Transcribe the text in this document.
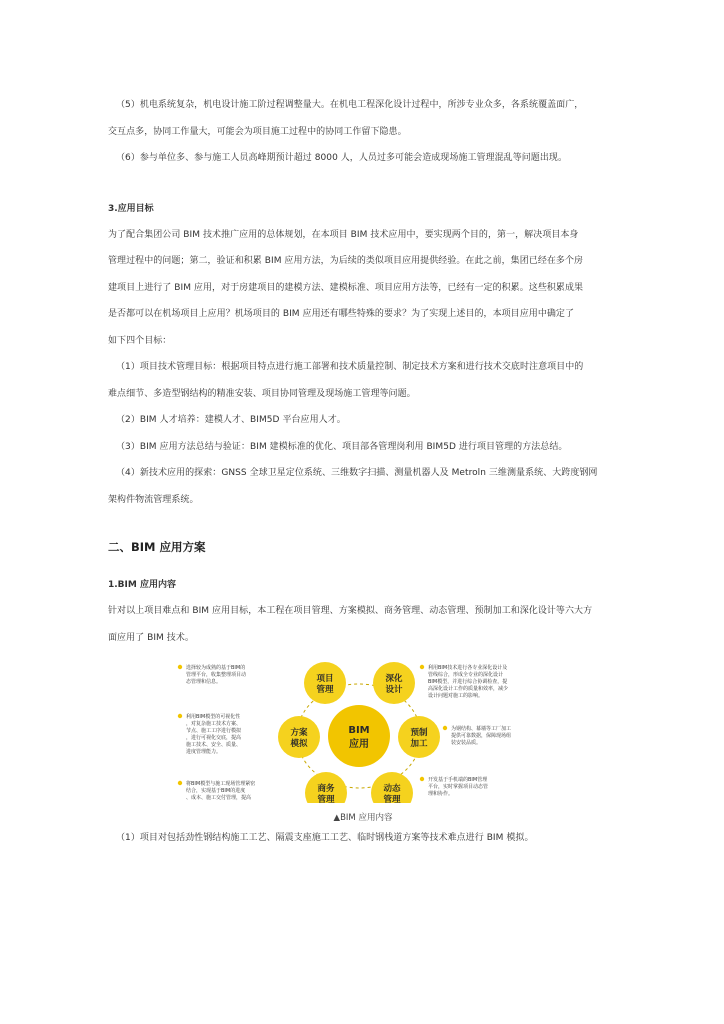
（5）机电系统复杂，机电设计施工阶过程调整量大。在机电工程深化设计过程中，所涉专业众多，各系统覆盖面广，

交互点多，协同工作量大，可能会为项目施工过程中的协同工作留下隐患。

（6）参与单位多、参与施工人员高峰期预计超过 8000 人，人员过多可能会造成现场施工管理混乱等问题出现。

3.应用目标

为了配合集团公司 BIM 技术推广应用的总体规划，在本项目 BIM 技术应用中，要实现两个目的，第一，解决项目本身

管理过程中的问题；第二，验证和积累 BIM 应用方法，为后续的类似项目应用提供经验。在此之前，集团已经在多个房

建项目上进行了 BIM 应用，对于房建项目的建模方法、建模标准、项目应用方法等，已经有一定的积累。这些积累成果

是否都可以在机场项目上应用？机场项目的 BIM 应用还有哪些特殊的要求？为了实现上述目的，本项目应用中确定了

如下四个目标：

（1）项目技术管理目标：根据项目特点进行施工部署和技术质量控制、制定技术方案和进行技术交底时注意项目中的

难点细节、多造型钢结构的精准安装、项目协同管理及现场施工管理等问题。

（2）BIM 人才培养：建模人才、BIM5D 平台应用人才。

（3）BIM 应用方法总结与验证：BIM 建模标准的优化、项目部各管理岗利用 BIM5D 进行项目管理的方法总结。

（4）新技术应用的探索：GNSS 全球卫星定位系统、三维数字扫描、测量机器人及 Metroln 三维测量系统、大跨度钢网

架构件物流管理系统。

二、BIM 应用方案
1.BIM 应用内容

针对以上项目难点和 BIM 应用目标，本工程在项目管理、方案模拟、商务管理、动态管理、预制加工和深化设计等六大方

面应用了 BIM 技术。

BIM
应用
项目
管理
深化
设计
预制
加工
动态
管理
商务
管理
方案
模拟
选择较为成熟的基于BIM的
管理平台，收集整理项目动
态管理和信息。
利用BIM模型的可视化性
，对复杂施工技术方案、
节点、施工工序进行模拟
，进行可视化交底，提高
施工技术、安全、质量、
进度管理能力。
将BIM模型与施工现场管理紧密
结合，实现基于BIM的进度
、成本、施工交付管理，提高
利用BIM技术进行各专业深化设计及
管线综合，形成全专业的深化设计
BIM模型，并进行综合协调检查，提
高深化设计工作的质量和效率，减少
设计问题对施工的影响。
为钢结构、幕墙等工厂加工
提供可靠数据，保障现场组
装安装品质。
开发基于手机端的BIM管理
平台，实时掌握项目动态管
理和协作。

▲BIM 应用内容

（1）项目对包括劲性钢结构施工工艺、隔震支座施工工艺、临时钢栈道方案等技术难点进行 BIM 模拟。
